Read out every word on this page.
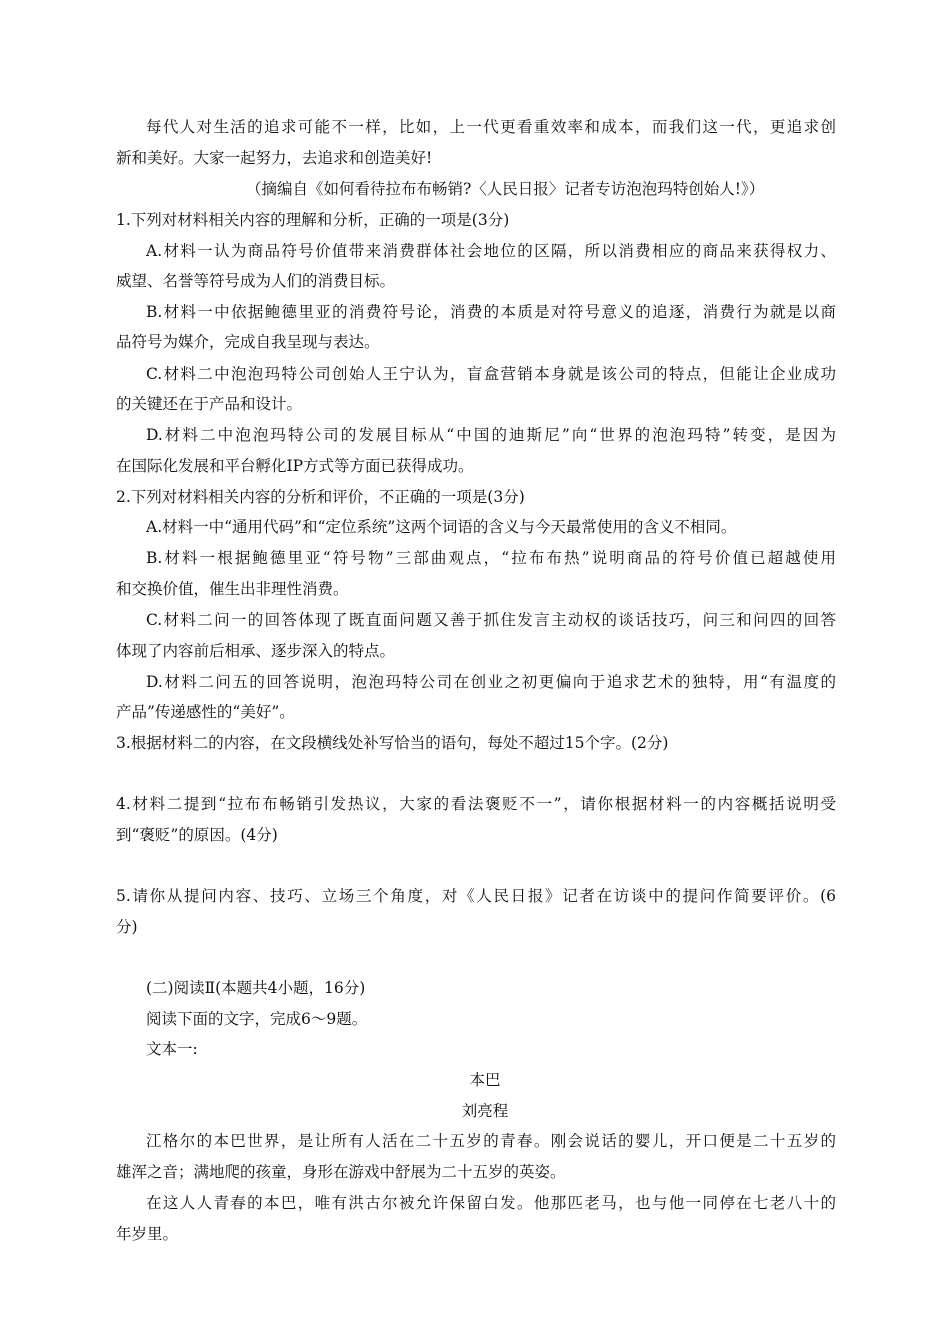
每代人对生活的追求可能不一样，比如，上一代更看重效率和成本，而我们这一代，更追求创
新和美好。大家一起努力，去追求和创造美好!
（摘编自《如何看待拉布布畅销?〈人民日报〉记者专访泡泡玛特创始人!》）
1.下列对材料相关内容的理解和分析，正确的一项是(3分)
A.材料一认为商品符号价值带来消费群体社会地位的区隔，所以消费相应的商品来获得权力、
威望、名誉等符号成为人们的消费目标。
B.材料一中依据鲍德里亚的消费符号论，消费的本质是对符号意义的追逐，消费行为就是以商
品符号为媒介，完成自我呈现与表达。
C.材料二中泡泡玛特公司创始人王宁认为，盲盒营销本身就是该公司的特点，但能让企业成功
的关键还在于产品和设计。
D.材料二中泡泡玛特公司的发展目标从“中国的迪斯尼”向“世界的泡泡玛特”转变，是因为
在国际化发展和平台孵化IP方式等方面已获得成功。
2.下列对材料相关内容的分析和评价，不正确的一项是(3分)
A.材料一中“通用代码”和“定位系统”这两个词语的含义与今天最常使用的含义不相同。
B.材料一根据鲍德里亚“符号物”三部曲观点，“拉布布热”说明商品的符号价值已超越使用
和交换价值，催生出非理性消费。
C.材料二问一的回答体现了既直面问题又善于抓住发言主动权的谈话技巧，问三和问四的回答
体现了内容前后相承、逐步深入的特点。
D.材料二问五的回答说明，泡泡玛特公司在创业之初更偏向于追求艺术的独特，用“有温度的
产品”传递感性的“美好”。
3.根据材料二的内容，在文段横线处补写恰当的语句，每处不超过15个字。(2分)
4.材料二提到“拉布布畅销引发热议，大家的看法褒贬不一”，请你根据材料一的内容概括说明受
到“褒贬”的原因。(4分)
5.请你从提问内容、技巧、立场三个角度，对《人民日报》记者在访谈中的提问作简要评价。(6
分)
(二)阅读Ⅱ(本题共4小题，16分)
阅读下面的文字，完成6～9题。
文本一:
本巴
刘亮程
江格尔的本巴世界，是让所有人活在二十五岁的青春。刚会说话的婴儿，开口便是二十五岁的
雄浑之音；满地爬的孩童，身形在游戏中舒展为二十五岁的英姿。
在这人人青春的本巴，唯有洪古尔被允许保留白发。他那匹老马，也与他一同停在七老八十的
年岁里。
